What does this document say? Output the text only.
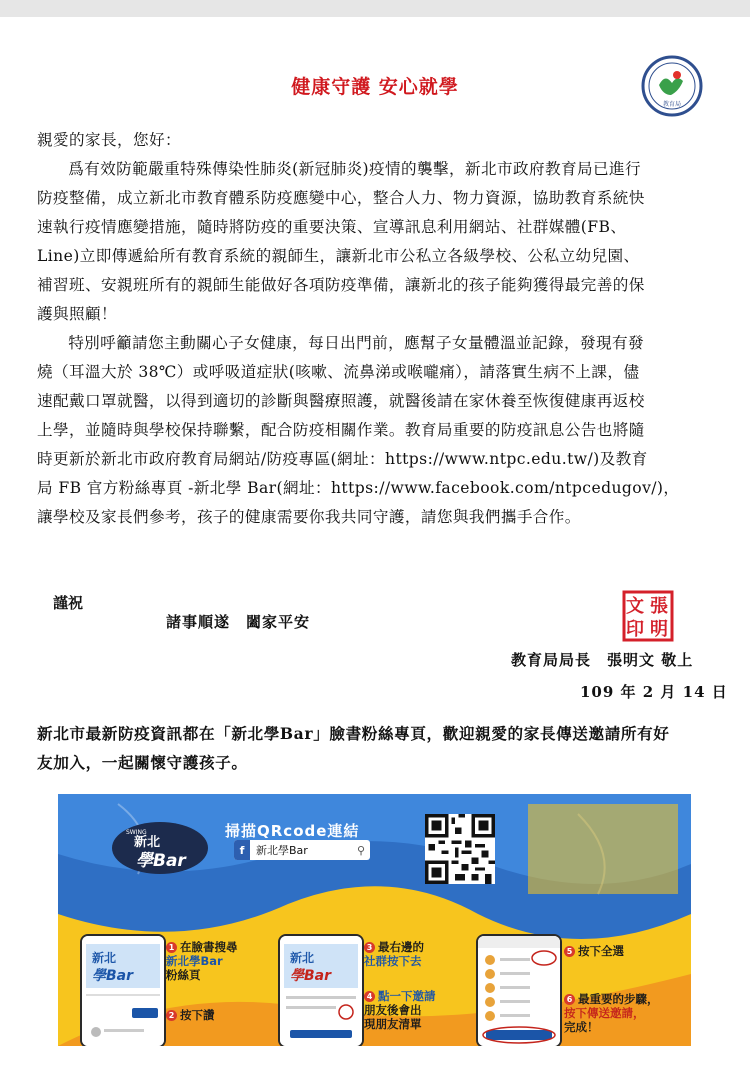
健康守護 安心就學
教育局

親愛的家長，您好：

爲有效防範嚴重特殊傳染性肺炎(新冠肺炎)疫情的襲擊，新北市政府教育局已進行

防疫整備，成立新北市教育體系防疫應變中心，整合人力、物力資源，協助教育系統快

速執行疫情應變措施，隨時將防疫的重要決策、宣導訊息利用網站、社群媒體(FB、

Line)立即傳遞給所有教育系統的親師生，讓新北市公私立各級學校、公私立幼兒園、

補習班、安親班所有的親師生能做好各項防疫準備，讓新北的孩子能夠獲得最完善的保

護與照顧！

特別呼籲請您主動關心子女健康，每日出門前，應幫子女量體溫並記錄，發現有發

燒（耳溫大於 38℃）或呼吸道症狀(咳嗽、流鼻涕或喉嚨痛），請落實生病不上課，儘

速配戴口罩就醫，以得到適切的診斷與醫療照護，就醫後請在家休養至恢復健康再返校

上學，並隨時與學校保持聯繫，配合防疫相關作業。教育局重要的防疫訊息公告也將隨

時更新於新北市政府教育局網站/防疫專區(網址：https://www.ntpc.edu.tw/)及教育

局 FB 官方粉絲專頁 -新北學 Bar(網址：https://www.facebook.com/ntpcedugov/)，

讓學校及家長們參考，孩子的健康需要你我共同守護，請您與我們攜手合作。

謹祝
諸事順遂 闔家平安
張
文
印 明
教育局局長　張明文 敬上
109 年 2 月 14 日
新北市最新防疫資訊都在「新北學Bar」臉書粉絲專頁，歡迎親愛的家長傳送邀請所有好
友加入，一起關懷守護孩子。
SWING
新北
學Bar
掃描QRcode連結
f	新北學Bar	⚲
新北
學Bar
1 在臉書搜尋
新北學Bar
粉絲頁
2 按下讚
新北
學Bar
3 最右邊的
社群按下去
4 點一下邀請
朋友後會出
現朋友清單
5 按下全選
6 最重要的步驟，
按下傳送邀請，
完成！
